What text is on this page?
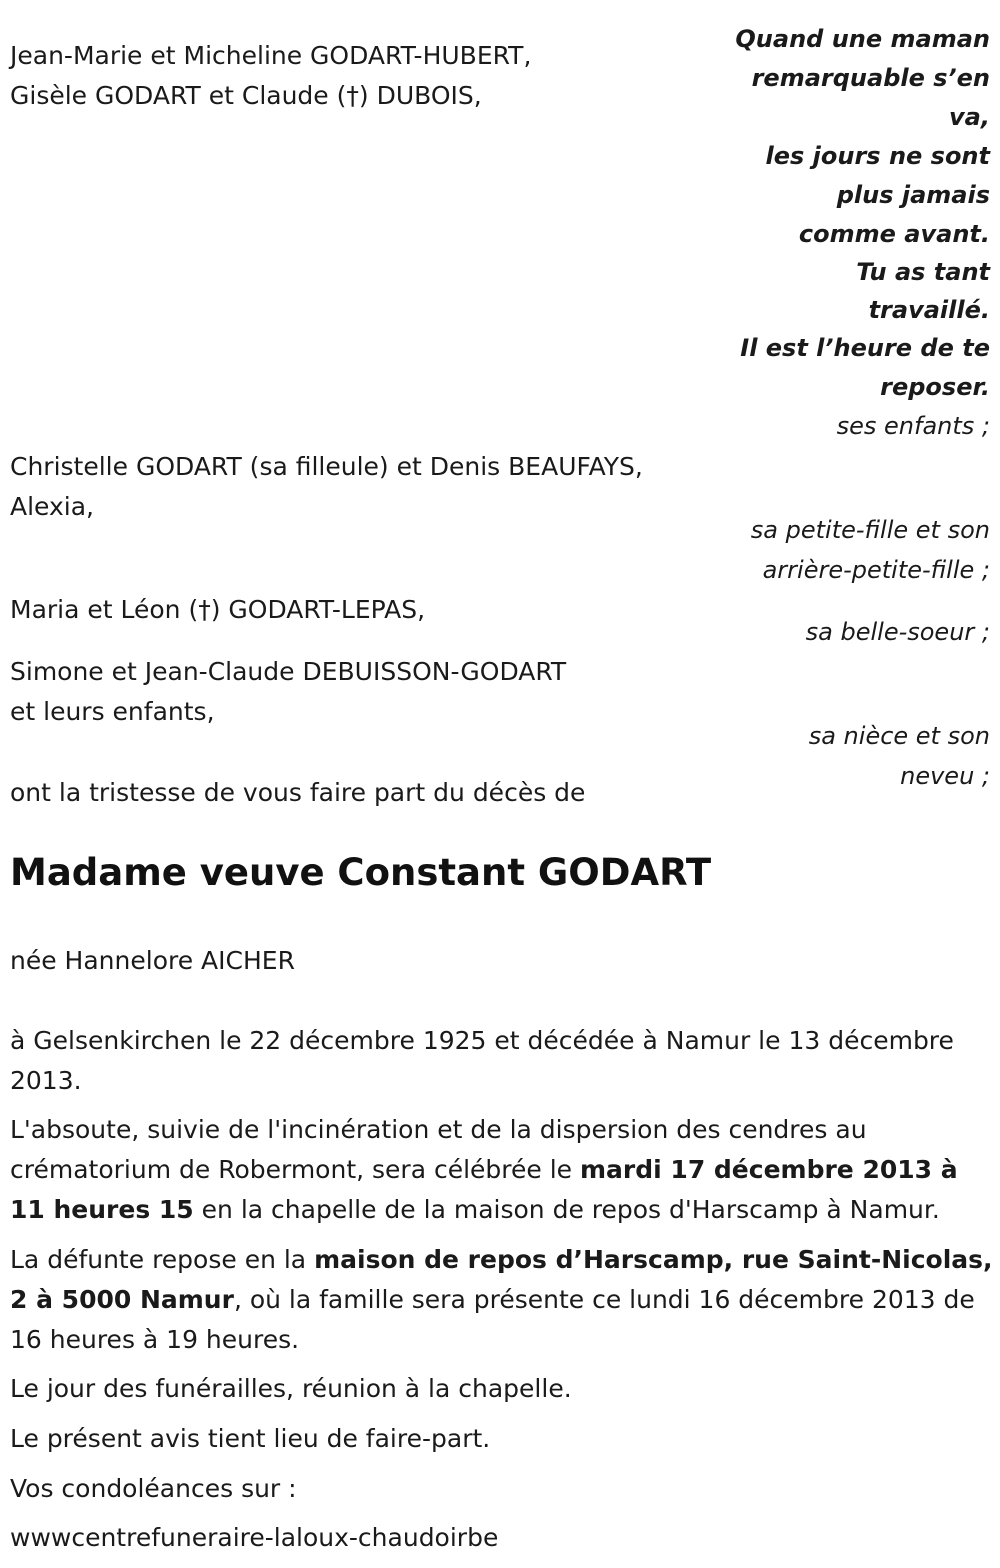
Jean-Marie et Micheline GODART-HUBERT,
Gisèle GODART et Claude (†) DUBOIS,
Quand une maman
remarquable s’en
va,
les jours ne sont
plus jamais
comme avant.
Tu as tant
travaillé.
Il est l’heure de te
reposer.
ses enfants ;
Christelle GODART (sa filleule) et Denis BEAUFAYS,
Alexia,
sa petite-fille et son
arrière-petite-fille ;
Maria et Léon (†) GODART-LEPAS,
sa belle-soeur ;
Simone et Jean-Claude DEBUISSON-GODART
et leurs enfants,
sa nièce et son
neveu ;
ont la tristesse de vous faire part du décès de
Madame veuve Constant GODART
née Hannelore AICHER

à Gelsenkirchen le 22 décembre 1925 et décédée à Namur le 13 décembre 2013.

L'absoute, suivie de l'incinération et de la dispersion des cendres au crématorium de Robermont, sera célébrée le mardi 17 décembre 2013 à 11 heures 15 en la chapelle de la maison de repos d'Harscamp à Namur.

La défunte repose en la maison de repos d’Harscamp, rue Saint-Nicolas, 2 à 5000 Namur, où la famille sera présente ce lundi 16 décembre 2013 de 16 heures à 19 heures.

Le jour des funérailles, réunion à la chapelle.

Le présent avis tient lieu de faire-part.

Vos condoléances sur :

wwwcentrefuneraire-laloux-chaudoirbe
